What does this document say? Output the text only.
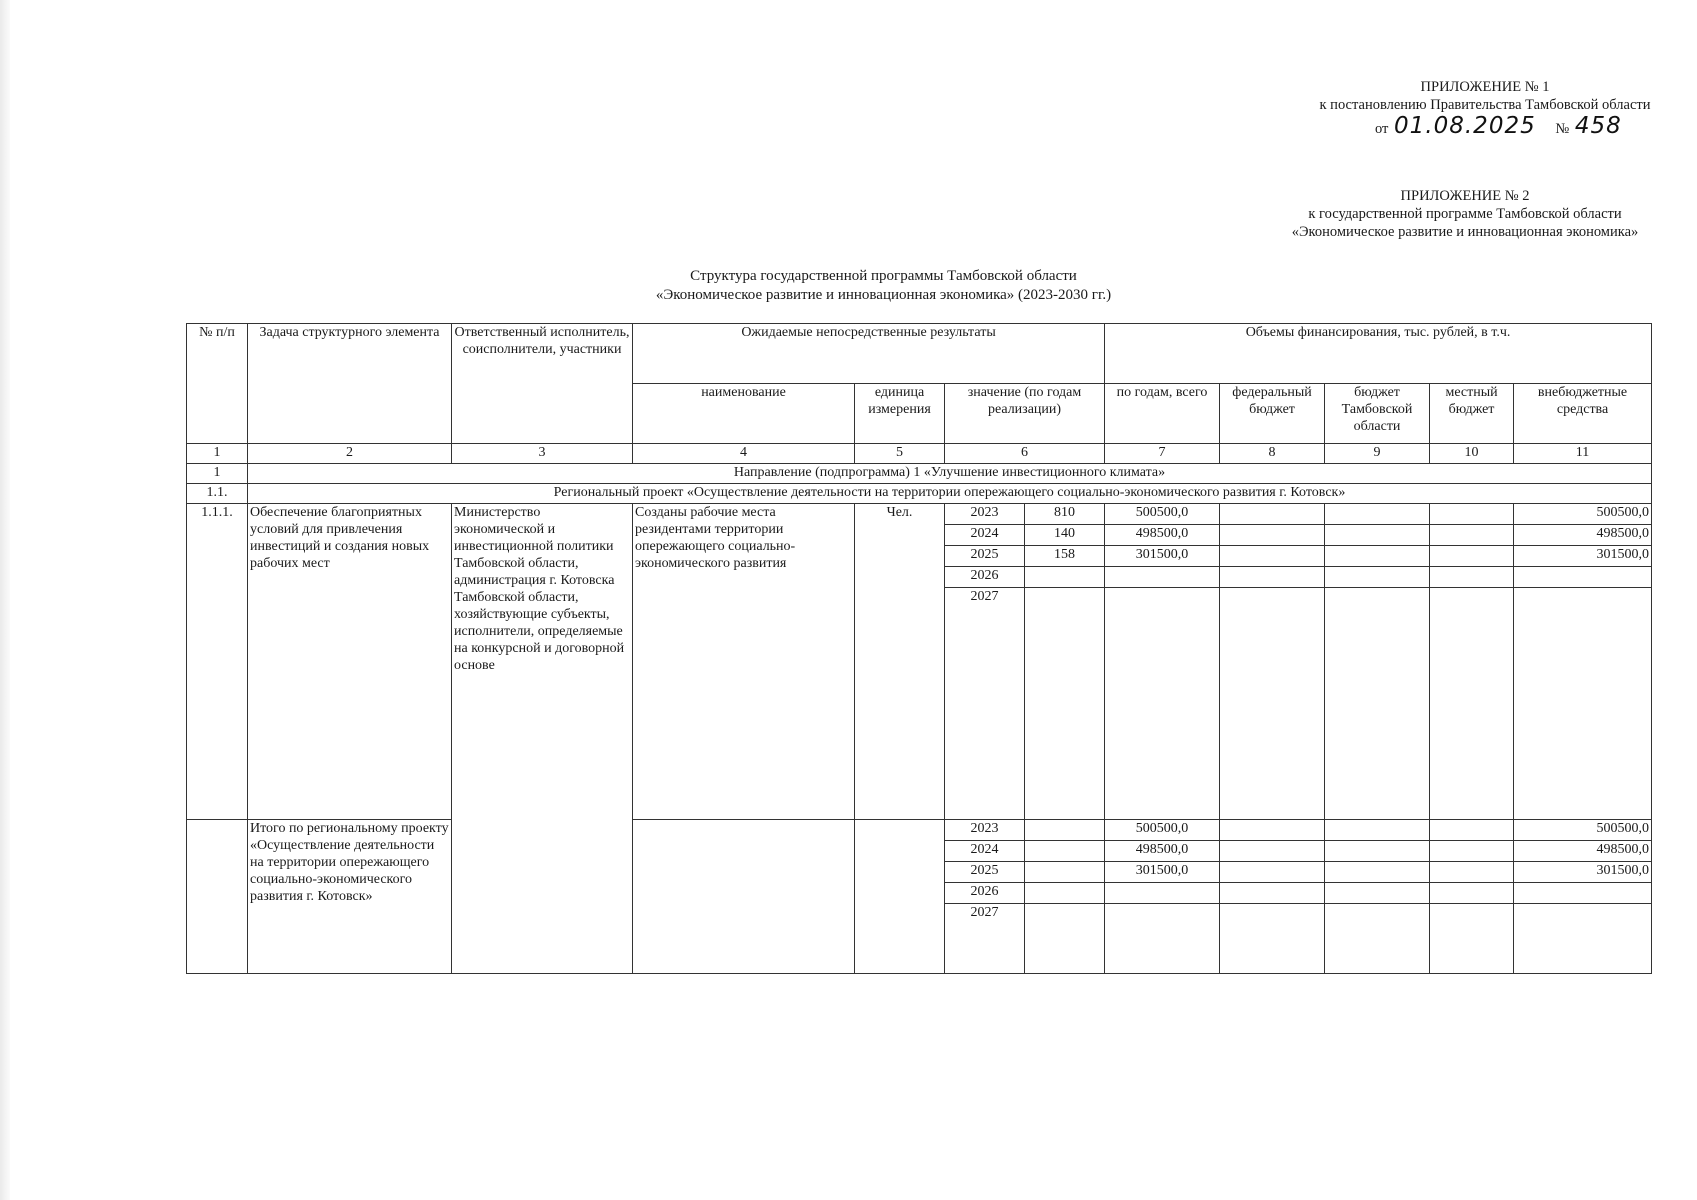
ПРИЛОЖЕНИЕ № 1
к постановлению Правительства Тамбовской области
от 01.08.2025 № 458
ПРИЛОЖЕНИЕ № 2
к государственной программе Тамбовской области
«Экономическое развитие и инновационная экономика»
Структура государственной программы Тамбовской области
«Экономическое развитие и инновационная экономика» (2023-2030 гг.)
№ п/п	Задача структурного элемента	Ответственный исполнитель, соисполнители, участники	Ожидаемые непосредственные результаты				Объемы финансирования, тыс. рублей, в т.ч.				
			наименование	единица измерения	значение (по годам реализации)		по годам, всего	федеральный бюджет	бюджет Тамбовской области	местный бюджет	внебюджетные средства
1	2	3	4	5	6		7	8	9	10	11
1	Направление (подпрограмма) 1 «Улучшение инвестиционного климата»										
1.1.	Региональный проект «Осуществление деятельности на территории опережающего социально-экономического развития г. Котовск»										
1.1.1.	Обеспечение благоприятных условий для привлечения инвестиций и создания новых рабочих мест	Министерство экономической и инвестиционной политики Тамбовской области, администрация г. Котовска Тамбовской области, хозяйствующие субъекты, исполнители, определяемые на конкурсной и договорной основе	Созданы рабочие места резидентами территории опережающего социально-экономического развития	Чел.	2023	810	500500,0				500500,0
					2024	140	498500,0				498500,0
					2025	158	301500,0				301500,0
					2026						
					2027						
	Итого по региональному проекту «Осуществление деятельности на территории опережающего социально-экономического развития г. Котовск»				2023		500500,0				500500,0
					2024		498500,0				498500,0
					2025		301500,0				301500,0
					2026						
					2027						
